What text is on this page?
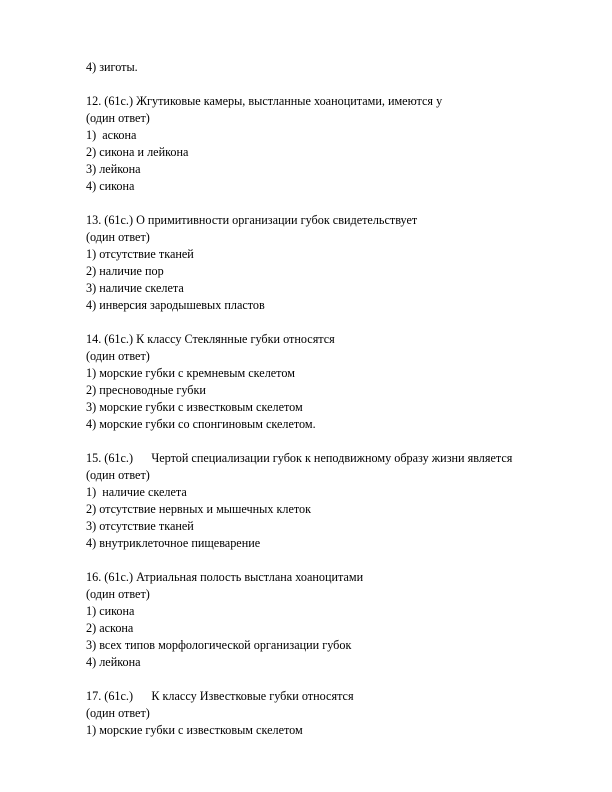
4) зиготы.
12. (61с.) Жгутиковые камеры, выстланные хоаноцитами, имеются у
(один ответ)
1)  аскона
2) сикона и лейкона
3) лейкона
4) сикона
13. (61с.) О примитивности организации губок свидетельствует
(один ответ)
1) отсутствие тканей
2) наличие пор
3) наличие скелета
4) инверсия зародышевых пластов
14. (61с.) К классу Стеклянные губки относятся
(один ответ)
1) морские губки с кремневым скелетом
2) пресноводные губки
3) морские губки с известковым скелетом
4) морские губки со спонгиновым скелетом.
15. (61с.)      Чертой специализации губок к неподвижному образу жизни является
(один ответ)
1)  наличие скелета
2) отсутствие нервных и мышечных клеток
3) отсутствие тканей
4) внутриклеточное пищеварение
16. (61с.) Атриальная полость выстлана хоаноцитами
(один ответ)
1) сикона
2) аскона
3) всех типов морфологической организации губок
4) лейкона
17. (61с.)      К классу Известковые губки относятся
(один ответ)
1) морские губки с известковым скелетом
